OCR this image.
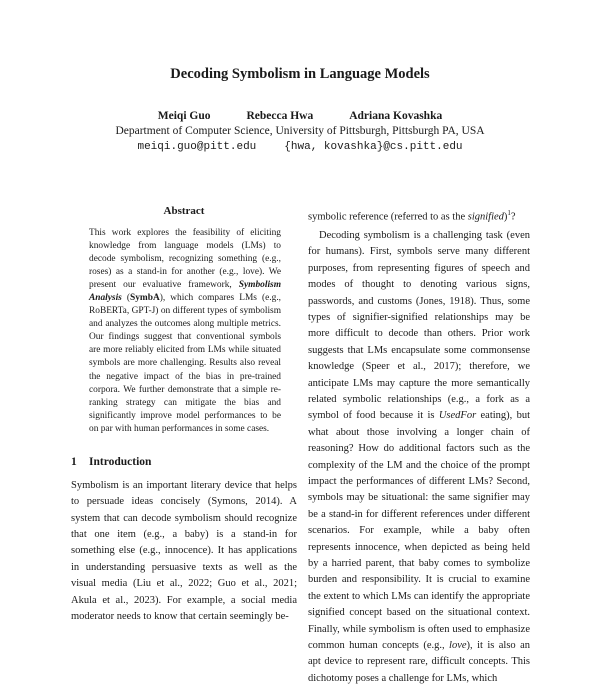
Decoding Symbolism in Language Models
Meiqi Guo	Rebecca Hwa	Adriana Kovashka
Department of Computer Science, University of Pittsburgh, Pittsburgh PA, USA
meiqi.guo@pitt.edu	{hwa, kovashka}@cs.pitt.edu
Abstract

This work explores the feasibility of eliciting knowledge from language models (LMs) to decode symbolism, recognizing something (e.g., roses) as a stand-in for another (e.g., love). We present our evaluative framework, Symbolism Analysis (SymbA), which compares LMs (e.g., RoBERTa, GPT-J) on different types of symbolism and analyzes the outcomes along multiple metrics. Our findings suggest that conventional symbols are more reliably elicited from LMs while situated symbols are more challenging. Results also reveal the negative impact of the bias in pre-trained corpora. We further demonstrate that a simple re-ranking strategy can mitigate the bias and significantly improve model performances to be on par with human performances in some cases.

1 Introduction

Symbolism is an important literary device that helps to persuade ideas concisely (Symons, 2014). A system that can decode symbolism should recognize that one item (e.g., a baby) is a stand-in for something else (e.g., innocence). It has applications in understanding persuasive texts as well as the visual media (Liu et al., 2022; Guo et al., 2021; Akula et al., 2023). For example, a social media moderator needs to know that certain seemingly be-

symbolic reference (referred to as the signified)$^1$?

Decoding symbolism is a challenging task (even for humans). First, symbols serve many different purposes, from representing figures of speech and modes of thought to denoting various signs, passwords, and customs (Jones, 1918). Thus, some types of signifier-signified relationships may be more difficult to decode than others. Prior work suggests that LMs encapsulate some commonsense knowledge (Speer et al., 2017); therefore, we anticipate LMs may capture the more semantically related symbolic relationships (e.g., a fork as a symbol of food because it is UsedFor eating), but what about those involving a longer chain of reasoning? How do additional factors such as the complexity of the LM and the choice of the prompt impact the performances of different LMs? Second, symbols may be situational: the same signifier may be a stand-in for different references under different scenarios. For example, while a baby often represents innocence, when depicted as being held by a harried parent, that baby comes to symbolize burden and responsibility. It is crucial to examine the extent to which LMs can identify the appropriate signified concept based on the situational context. Finally, while symbolism is often used to emphasize common human concepts (e.g., love), it is also an apt device to represent rare, difficult concepts. This dichotomy poses a challenge for LMs, which
